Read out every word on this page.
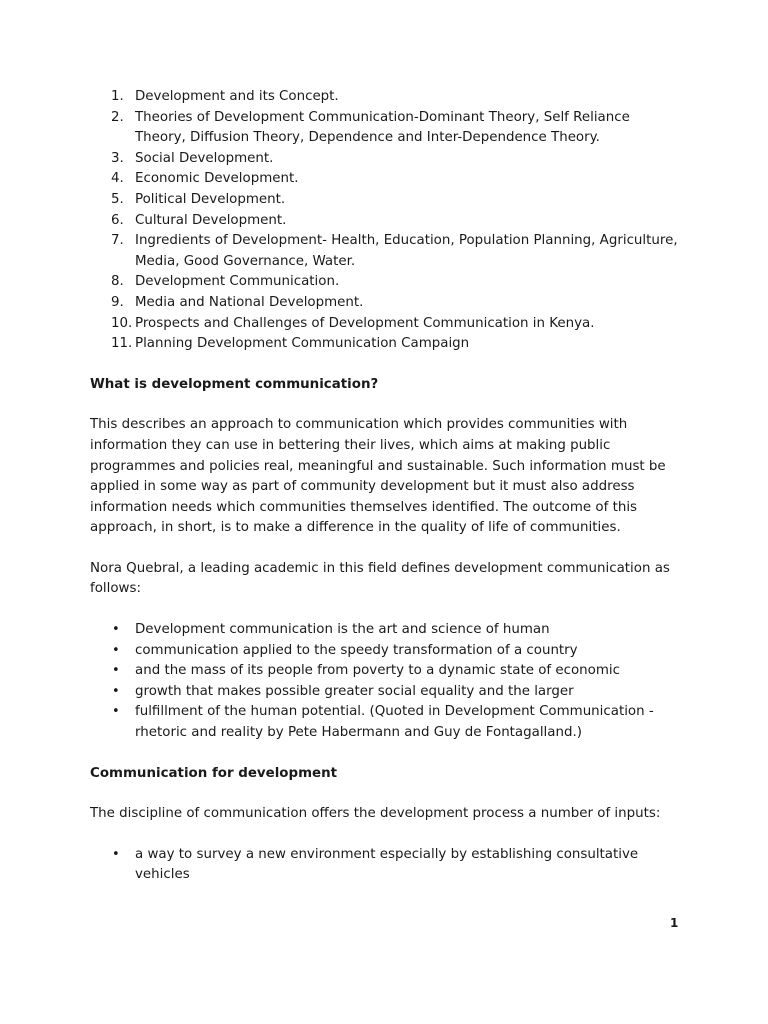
1. Development and its Concept.
2. Theories of Development Communication-Dominant Theory, Self Reliance Theory, Diffusion Theory, Dependence and Inter-Dependence Theory.
3. Social Development.
4. Economic Development.
5. Political Development.
6. Cultural Development.
7. Ingredients of Development- Health, Education, Population Planning, Agriculture, Media, Good Governance, Water.
8. Development Communication.
9. Media and National Development.
10. Prospects and Challenges of Development Communication in Kenya.
11. Planning Development Communication Campaign
What is development communication?

This describes an approach to communication which provides communities with information they can use in bettering their lives, which aims at making public programmes and policies real, meaningful and sustainable. Such information must be applied in some way as part of community development but it must also address information needs which communities themselves identified. The outcome of this approach, in short, is to make a difference in the quality of life of communities.

Nora Quebral, a leading academic in this field defines development communication as follows:

• Development communication is the art and science of human
• communication applied to the speedy transformation of a country
• and the mass of its people from poverty to a dynamic state of economic
• growth that makes possible greater social equality and the larger
• fulfillment of the human potential. (Quoted in Development Communication - rhetoric and reality by Pete Habermann and Guy de Fontagalland.)
Communication for development

The discipline of communication offers the development process a number of inputs:

• a way to survey a new environment especially by establishing consultative vehicles
1
